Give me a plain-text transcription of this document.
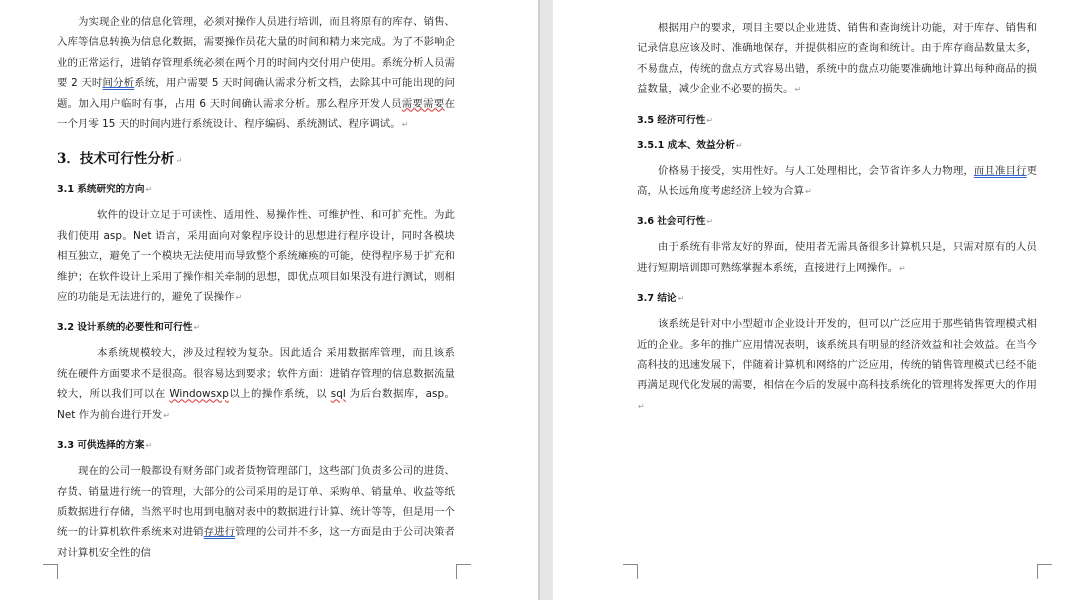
为实现企业的信息化管理，必须对操作人员进行培训，而且将原有的库存、销售、入库等信息转换为信息化数据，需要操作员花大量的时间和精力来完成。为了不影响企业的正常运行，进销存管理系统必须在两个月的时间内交付用户使用。系统分析人员需要 2 天时间分析系统，用户需要 5 天时间确认需求分析文档，去除其中可能出现的问题。加入用户临时有事，占用 6 天时间确认需求分析。那么程序开发人员需要需要在一个月零 15 天的时间内进行系统设计、程序编码、系统测试、程序调试。↵

3．技术可行性分析↵

3.1 系统研究的方向↵

软件的设计立足于可读性、适用性、易操作性、可维护性、和可扩充性。为此我们使用 asp。Net 语言，采用面向对象程序设计的思想进行程序设计，同时各模块相互独立，避免了一个模块无法使用而导致整个系统瘫痪的可能，使得程序易于扩充和维护；在软件设计上采用了操作相关牵制的思想，即优点项目如果没有进行测试，则相应的功能是无法进行的，避免了误操作↵

3.2 设计系统的必要性和可行性↵

本系统规模较大，涉及过程较为复杂。因此适合 采用数据库管理，而且该系统在硬件方面要求不是很高。很容易达到要求；软件方面：进销存管理的信息数据流量较大，所以我们可以在 Windowsxp以上的操作系统，以 sql 为后台数据库，asp。Net 作为前台进行开发↵

3.3 可供选择的方案↵

现在的公司一般都设有财务部门或者货物管理部门，这些部门负责多公司的进货、存货、销量进行统一的管理，大部分的公司采用的是订单、采购单、销量单、收益等纸质数据进行存储，当然平时也用到电脑对表中的数据进行计算、统计等等，但是用一个统一的计算机软件系统来对进销存进行管理的公司并不多，这一方面是由于公司决策者对计算机安全性的信

根据用户的要求，项目主要以企业进货、销售和查询统计功能，对于库存、销售和记录信息应该及时、准确地保存，并提供相应的查询和统计。由于库存商品数量太多，不易盘点，传统的盘点方式容易出错，系统中的盘点功能要准确地计算出每种商品的损益数量，减少企业不必要的损失。↵

3.5 经济可行性↵

3.5.1 成本、效益分析↵

价格易于接受，实用性好。与人工处理相比，会节省许多人力物理，而且准目行更高，从长远角度考虑经济上较为合算↵

3.6 社会可行性↵

由于系统有非常友好的界面，使用者无需具备很多计算机只是，只需对原有的人员进行短期培训即可熟练掌握本系统，直接进行上网操作。↵

3.7 结论↵

该系统是针对中小型超市企业设计开发的，但可以广泛应用于那些销售管理模式相近的企业。多年的推广应用情况表明，该系统具有明显的经济效益和社会效益。在当今高科技的迅速发展下，伴随着计算机和网络的广泛应用，传统的销售管理模式已经不能再满足现代化发展的需要，相信在今后的发展中高科技系统化的管理将发挥更大的作用↵
